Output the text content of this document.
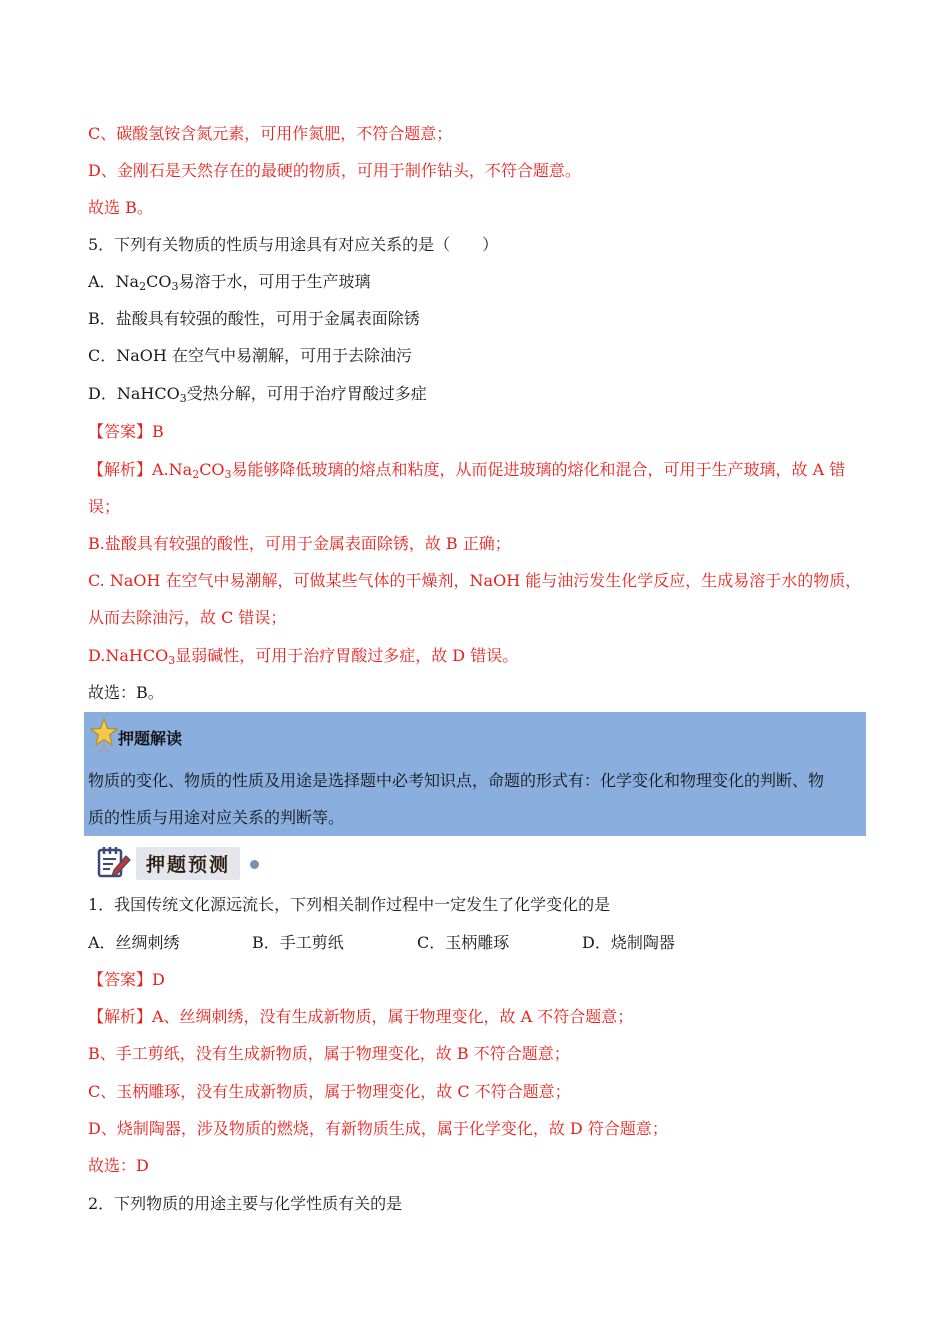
C、碳酸氢铵含氮元素，可用作氮肥，不符合题意；
D、金刚石是天然存在的最硬的物质，可用于制作钻头，不符合题意。
故选 B。
5．下列有关物质的性质与用途具有对应关系的是（　　）
A．$Na_2CO_3$易溶于水，可用于生产玻璃
B．盐酸具有较强的酸性，可用于金属表面除锈
C．NaOH 在空气中易潮解，可用于去除油污
D．NaHCO$_3$受热分解，可用于治疗胃酸过多症
【答案】B
【解析】$A.Na_2CO_3$易能够降低玻璃的熔点和粘度，从而促进玻璃的熔化和混合，可用于生产玻璃，故 A 错
误；
B.盐酸具有较强的酸性，可用于金属表面除锈，故 B 正确；
C. NaOH 在空气中易潮解，可做某些气体的干燥剂，NaOH 能与油污发生化学反应，生成易溶于水的物质，
从而去除油污，故 C 错误；
D.NaHCO$_3$显弱碱性，可用于治疗胃酸过多症，故 D 错误。
故选：B。
押题解读
物质的变化、物质的性质及用途是选择题中必考知识点，命题的形式有：化学变化和物理变化的判断、物
质的性质与用途对应关系的判断等。
押题预测
1．我国传统文化源远流长，下列相关制作过程中一定发生了化学变化的是
A．丝绸刺绣	B．手工剪纸	C．玉柄雕琢	D．烧制陶器
【答案】D
【解析】A、丝绸刺绣，没有生成新物质，属于物理变化，故 A 不符合题意；
B、手工剪纸，没有生成新物质，属于物理变化，故 B 不符合题意；
C、玉柄雕琢，没有生成新物质，属于物理变化，故 C 不符合题意；
D、烧制陶器，涉及物质的燃烧，有新物质生成，属于化学变化，故 D 符合题意；
故选：D
2．下列物质的用途主要与化学性质有关的是
